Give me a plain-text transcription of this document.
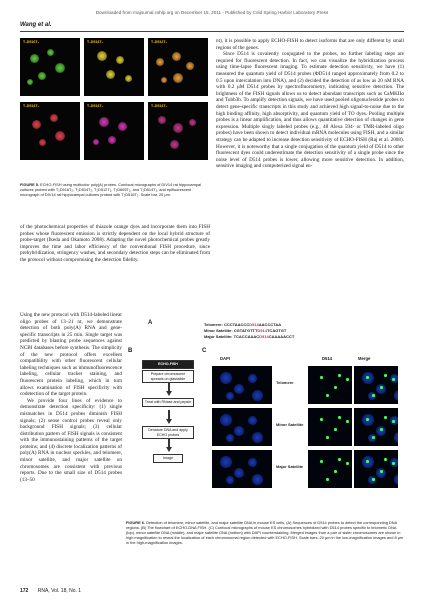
Downloaded from rnajournal.cshlp.org on December 15, 2011 - Published by Cold Spring Harbor Laboratory Press
Wang et al.
T₂D516T₂	T₂D514T₂	T₂D512T₂
T₂D514T₂	T₂D514T₂	T₂D514T₂
FIGURE 5. ECHO-FISH using multicolor poly(A) probes. Confocal micrographs of DIV14 rat hippocampal cultures probed with T₂D516T₂, T₂D514T₂, T₂D512T₂, T₂D605T₂, and T₂D514T₂, and epifluorescent micrograph of DIV14 rat hippocampal cultures probed with T₂D516T₂. Scale bar, 25 μm.

of the photochemical properties of thiazole orange dyes and incorporate them into FISH probes whose fluorescent emission is strictly dependent on the local hybrid structure of probe-target (Ikeda and Okamoto 2008). Adapting the novel photochemical probes greatly improves the time and labor efficiency of the conventional FISH procedure, since prehybridization, stringency washes, and secondary detection steps can be eliminated from the protocol without compromising the detection fidelity.

Using the new protocol with D514-labeled linear oligo probes of 13–21 nt, we demonstrate detection of both poly(A) RNA and gene-specific transcripts in 25 min. Single target was predicted by blasting probe sequences against NCBI databases before synthesis. The simplicity of the new protocol offers excellent compatibility with other fluorescent cellular labeling techniques such as immunofluorescence labeling, cellular tracker staining, and fluorescent protein labeling, which in turn allows examination of FISH specificity with codetection of the target protein.

We provide four lines of evidence to demonstrate detection specificity: (1) single mismatches in D514 probes diminish FISH signals; (2) sense control probes reveal only background FISH signals; (3) cellular distribution pattern of FISH signals is consistent with the immunostaining patterns of the target proteins; and (4) discrete localization patterns of poly(A) RNA in nuclear speckles, and telomere, minor satellite, and major satellite on chromosomes are consistent with previous reports. Due to the small size of D514 probes (13–50

nt), it is possible to apply ECHO-FISH to detect isoforms that are only different by small regions of the genes.

Since D514 is covalently conjugated to the probes, no further labeling steps are required for fluorescent detection. In fact, we can visualize the hybridization process using time-lapse fluorescent imaging. To estimate detection sensitivity, we have (1) measured the quantum yield of D514 probes (ΦD514 ranged approximately from 0.2 to 0.5 upon intercalation into DNA), and (2) decided the detection of as low as 20 nM RNA with 0.2 μM D514 probes by spectrofluorometry, indicating sensitive detection. The brightness of the FISH signals allows us to detect abundant transcripts such as CaMKIIα and Tubb3b. To amplify detection signals, we have used pooled oligonucleotide probes to detect gene-specific transcripts in this study and achieved high signal-to-noise due to the high binding affinity, high absorptivity, and quantum yield of TO dyes. Pooling multiple probes is a linear amplification, and thus allows quantitative detection of changes in gene expression. Multiple singly labeled probes (e.g., 48 Alexa 594- or TMR-labeled oligo probes) have been shown to detect individual mRNA molecules using FISH, and a similar strategy can be adapted to increase detection sensitivity of ECHO-FISH (Raj et al. 2008). However, it is noteworthy that a single conjugation of the quantum yield of D514 to other fluorescent dyes could underestimate the detection sensitivity of a single probe since the noise level of D514 probes is lower, allowing more sensitive detection. In addition, sensitive imaging and computerized signal en-

A	Telomere: CCCTAACCCD514AACCCTAA
Minor Satellite: CGTATGTTTD514TCAGTGT
Major Satellite: TCACCAAACD514CAAAAACCT
B
ECHO-FISH
Prepare chromosome spreads on glassslide
Treat with RNase and pepsin
Denature DNA and apply ECHO probes
Image
C
DAPI	D514	Merge
Telomere
Minor Satellite
Major Satellite
FIGURE 6. Detection of telomere, minor satellite, and major satellite DNA in mouse ES cells. (A) Sequences of D514 probes to detect the corresponding DNA regions. (B) The flowchart of ECHO-DNA FISH. (C) Confocal micrographs of mouse ES chromosomes hybridized with D514 probes specific to telomeric DNA (top), minor satellite DNA (middle), and major satellite DNA (bottom) with DAPI counterstaining. Merged images from a pair of sister chromosomes are shown in high magnification to reveal the localization of each chromosomal region detected with ECHO-FISH. Scale bars, 20 μm in the low-magnification images and 8 μm in the high-magnification images.
172 RNA, Vol. 18, No. 1
